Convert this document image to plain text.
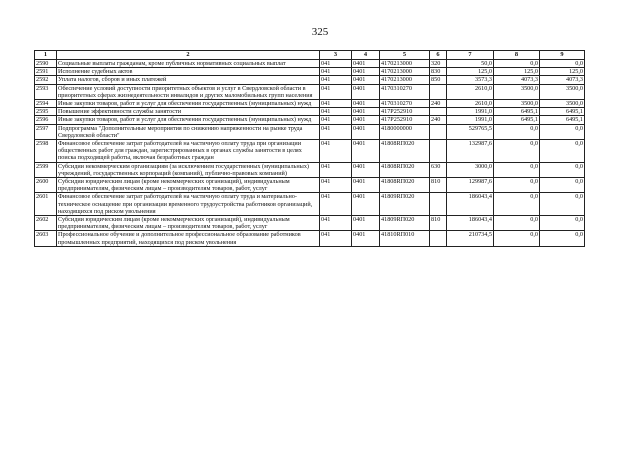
325
1	2	3	4	5	6	7	8	9
2590	Социальные выплаты гражданам, кроме публичных нормативных социальных выплат	041	0401	4170213000	320	50,0	0,0	0,0
2591	Исполнение судебных актов	041	0401	4170213000	830	125,0	125,0	125,0
2592	Уплата налогов, сборов и иных платежей	041	0401	4170213000	850	3573,3	4073,3	4073,3
2593	Обеспечение условий доступности приоритетных объектов и услуг в Свердловской области в приоритетных сферах жизнедеятельности инвалидов и других маломобильных групп населения	041	0401	4170310270		2610,0	3500,0	3500,0
2594	Иные закупки товаров, работ и услуг для обеспечения государственных (муниципальных) нужд	041	0401	4170310270	240	2610,0	3500,0	3500,0
2595	Повышение эффективности службы занятости	041	0401	417P252910		1991,0	6495,1	6495,1
2596	Иные закупки товаров, работ и услуг для обеспечения государственных (муниципальных) нужд	041	0401	417P252910	240	1991,0	6495,1	6495,1
2597	Подпрограмма "Дополнительные мероприятия по снижению напряженности на рынке труда Свердловской области"	041	0401	4180000000		529765,5	0,0	0,0
2598	Финансовое обеспечение затрат работодателей на частичную оплату труда при организации общественных работ для граждан, зарегистрированных в органах службы занятости в целях поиска подходящей работы, включая безработных граждан	041	0401	41808RП020		132987,6	0,0	0,0
2599	Субсидии некоммерческим организациям (за исключением государственных (муниципальных) учреждений, государственных корпораций (компаний), публично-правовых компаний)	041	0401	41808RП020	630	3000,0	0,0	0,0
2600	Субсидии юридическим лицам (кроме некоммерческих организаций), индивидуальным предпринимателям, физическим лицам – производителям товаров, работ, услуг	041	0401	41808RП020	810	129987,6	0,0	0,0
2601	Финансовое обеспечение затрат работодателей на частичную оплату труда и материально-техническое оснащение при организации временного трудоустройства работников организаций, находящихся под риском увольнения	041	0401	41809RП020		186043,4	0,0	0,0
2602	Субсидии юридическим лицам (кроме некоммерческих организаций), индивидуальным предпринимателям, физическим лицам – производителям товаров, работ, услуг	041	0401	41809RП020	810	186043,4	0,0	0,0
2603	Профессиональное обучение и дополнительное профессиональное образование работников промышленных предприятий, находящихся под риском увольнения	041	0401	41810RП010		210734,5	0,0	0,0
